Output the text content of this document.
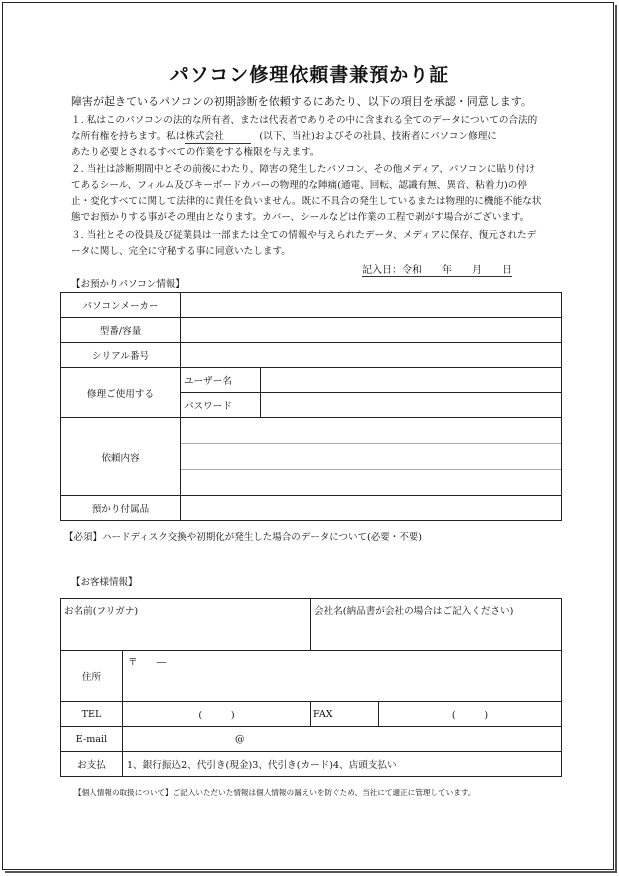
パソコン修理依頼書兼預かり証
障害が起きているパソコンの初期診断を依頼するにあたり、以下の項目を承認・同意します。
１. 私はこのパソコンの法的な所有者、または代表者でありその中に含まれる全てのデータについての合法的
な所有権を持ちます。私は株式会社	(以下、当社)およびその社員、技術者にパソコン修理に
あたり必要とされるすべての作業をする権限を与えます。
２. 当社は診断期間中とその前後にわたり、障害の発生したパソコン、その他メディア、パソコンに貼り付け
てあるシール、フィルム及びキーボードカバーの物理的な陣痛(通電、回転、認識有無、異音、粘着力)の停
止・変化すべてに関して法律的に責任を負いません。既に不具合の発生しているまたは物理的に機能不能な状
態でお預かりする事がその理由となります。カバー、シールなどは作業の工程で剥がす場合がございます。
３. 当社とその役員及び従業員は一部または全ての情報や与えられたデータ、メディアに保存、復元されたデ
ータに関し、完全に守秘する事に同意いたします。
記入日：令和　　年　　月　　日
【お預かりパソコン情報】
パソコンメーカー		
型番/容量		
シリアル番号		
修理ご使用する	ユーザー名	
	パスワード	
依頼内容		

預かり付属品		
【必須】ハードディスク交換や初期化が発生した場合のデータについて(必要・不要)
【お客様情報】
お名前(フリガナ)		会社名(納品書が会社の場合はご記入ください)	
住所	〒　　―		
TEL	(　　　)	FAX	(　　　)
E-mail	@		
お支払	1、銀行振込2、代引き(現金)3、代引き(カード)4、店頭支払い		
【個人情報の取扱について】ご記入いただいた情報は個人情報の漏えいを防ぐため、当社にて適正に管理しています。
